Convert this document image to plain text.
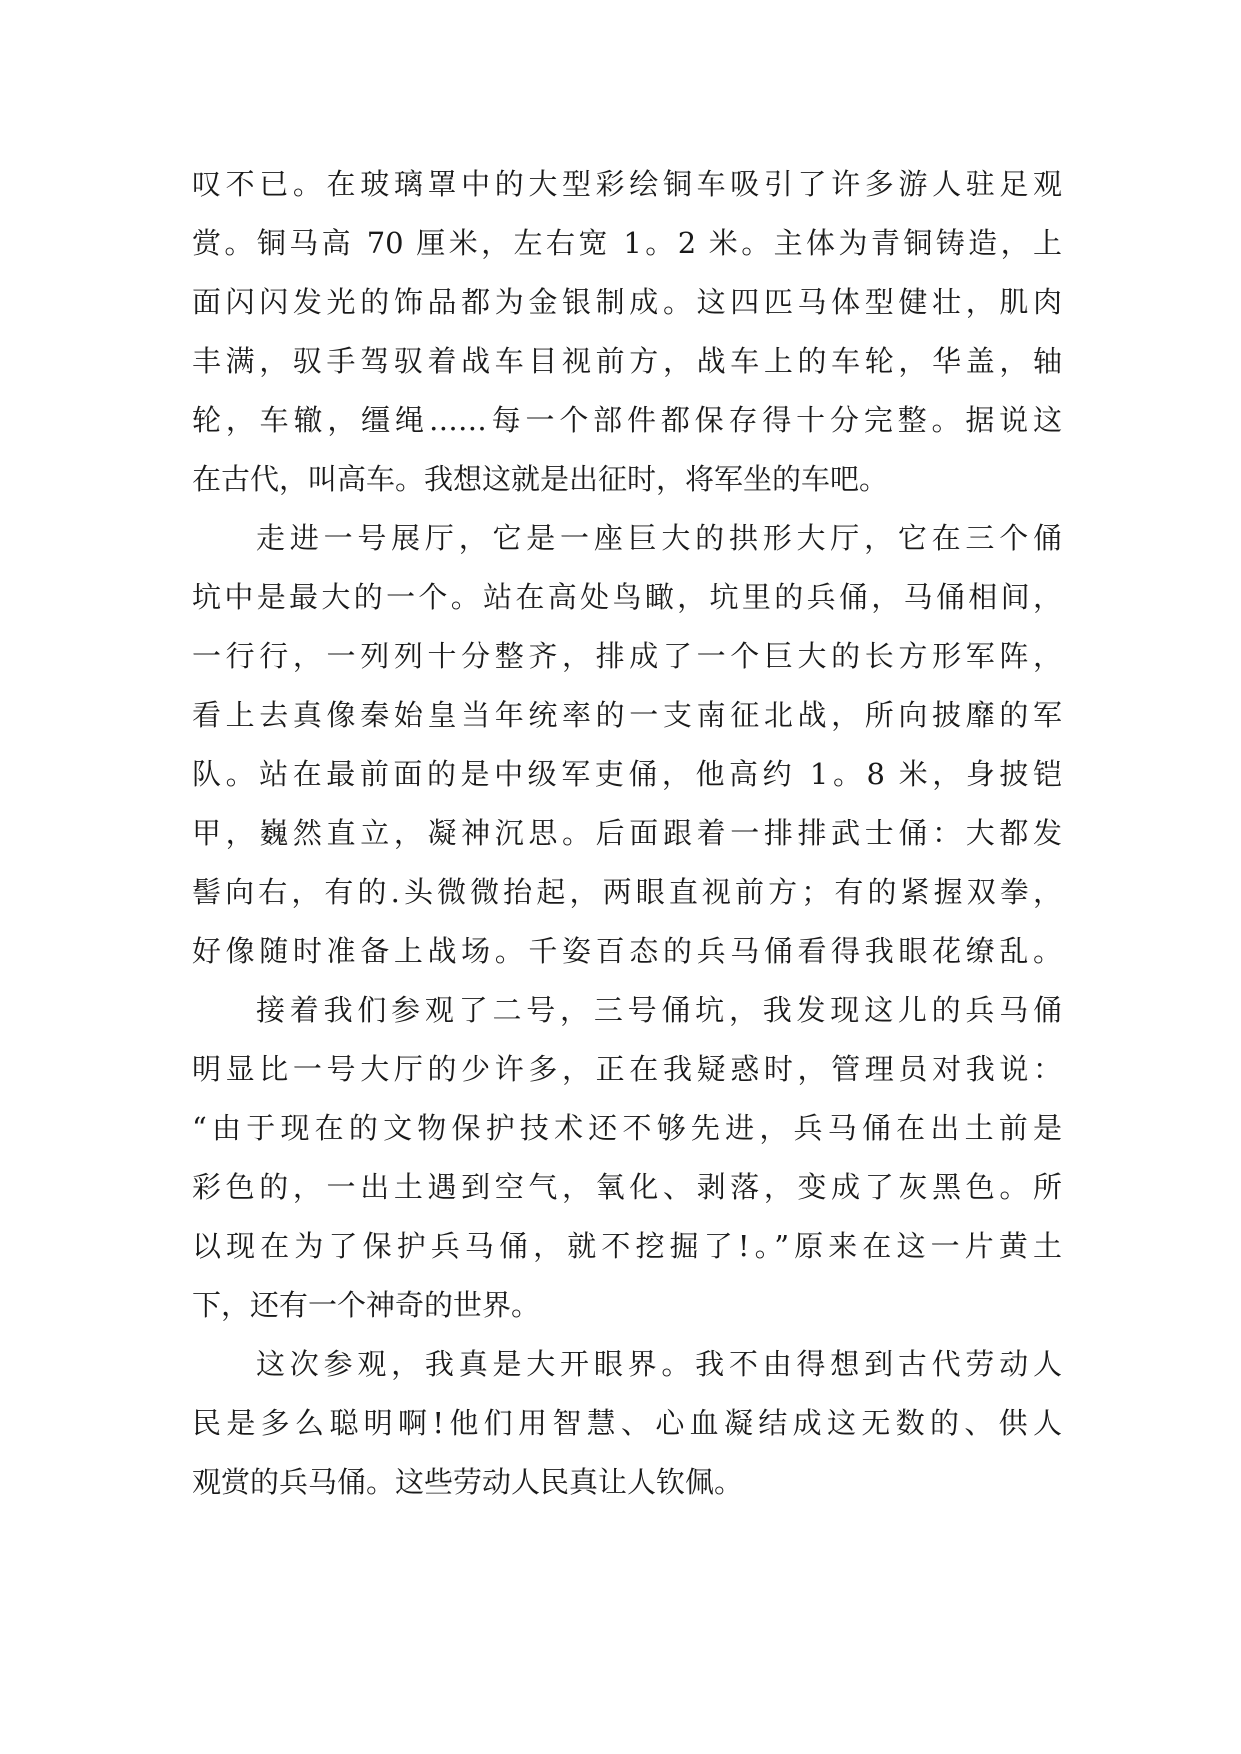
叹不已。在玻璃罩中的大型彩绘铜车吸引了许多游人驻足观
赏。铜马高 70 厘米，左右宽 1。2 米。主体为青铜铸造，上
面闪闪发光的饰品都为金银制成。这四匹马体型健壮，肌肉
丰满，驭手驾驭着战车目视前方，战车上的车轮，华盖，轴
轮，车辙，缰绳……每一个部件都保存得十分完整。据说这
在古代，叫高车。我想这就是出征时，将军坐的车吧。
走进一号展厅，它是一座巨大的拱形大厅，它在三个俑
坑中是最大的一个。站在高处鸟瞰，坑里的兵俑，马俑相间，
一行行，一列列十分整齐，排成了一个巨大的长方形军阵，
看上去真像秦始皇当年统率的一支南征北战，所向披靡的军
队。站在最前面的是中级军吏俑，他高约 1。8 米，身披铠
甲，巍然直立，凝神沉思。后面跟着一排排武士俑：大都发
髻向右，有的.头微微抬起，两眼直视前方；有的紧握双拳，
好像随时准备上战场。千姿百态的兵马俑看得我眼花缭乱。
接着我们参观了二号，三号俑坑，我发现这儿的兵马俑
明显比一号大厅的少许多，正在我疑惑时，管理员对我说：
“由于现在的文物保护技术还不够先进，兵马俑在出土前是
彩色的，一出土遇到空气，氧化、剥落，变成了灰黑色。所
以现在为了保护兵马俑，就不挖掘了!。”原来在这一片黄土
下，还有一个神奇的世界。
这次参观，我真是大开眼界。我不由得想到古代劳动人
民是多么聪明啊!他们用智慧、心血凝结成这无数的、供人
观赏的兵马俑。这些劳动人民真让人钦佩。
